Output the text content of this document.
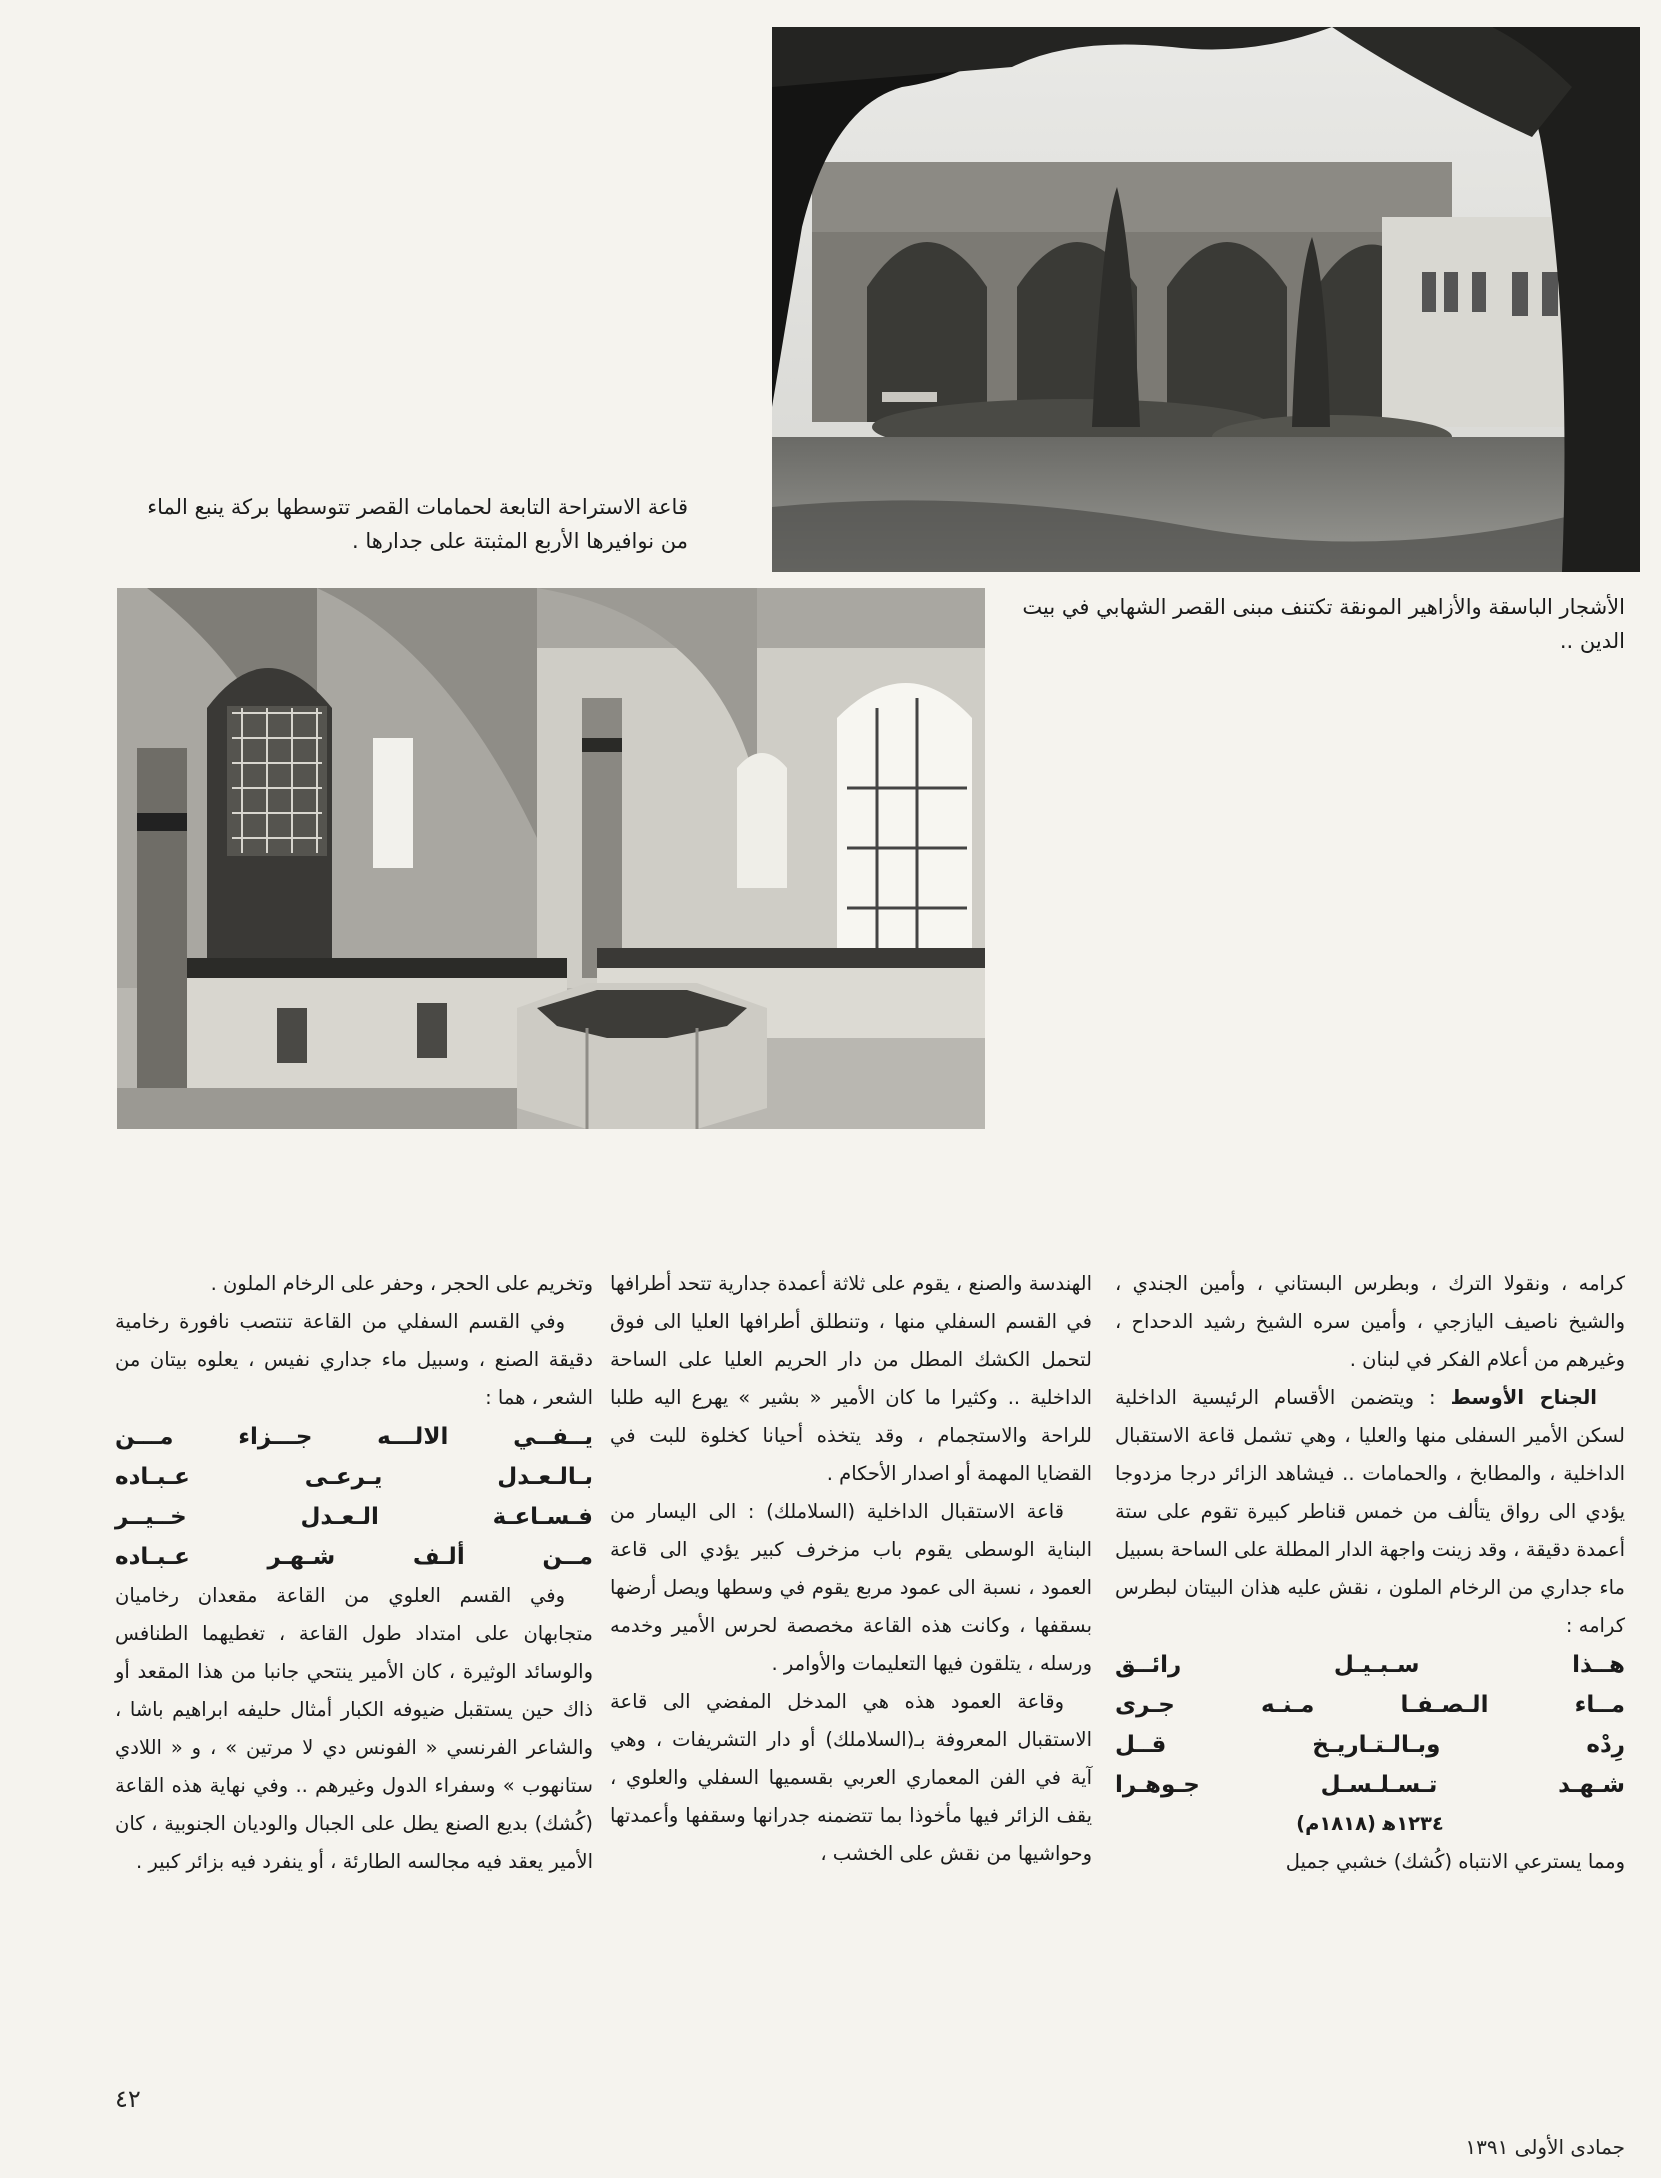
قاعة الاستراحة التابعة لحمامات القصر تتوسطها بركة ينبع الماء من نوافيرها الأربع المثبتة على جدارها .
الأشجار الباسقة والأزاهير المونقة تكتنف مبنى القصر الشهابي في بيت الدين ..

كرامه ، ونقولا الترك ، وبطرس البستاني ، وأمين الجندي ، والشيخ ناصيف اليازجي ، وأمين سره الشيخ رشيد الدحداح ، وغيرهم من أعلام الفكر في لبنان .

الجناح الأوسط : ويتضمن الأقسام الرئيسية الداخلية لسكن الأمير السفلى منها والعليا ، وهي تشمل قاعة الاستقبال الداخلية ، والمطابخ ، والحمامات .. فيشاهد الزائر درجا مزدوجا يؤدي الى رواق يتألف من خمس قناطر كبيرة تقوم على ستة أعمدة دقيقة ، وقد زينت واجهة الدار المطلة على الساحة بسبيل ماء جداري من الرخام الملون ، نقش عليه هذان البيتان لبطرس كرامه :

هــذا سـبـيـل رائــق
مــاء الـصـفـا مـنـه جـرى
رِدْه وبـالـتـاريـخ قــل
شـهـد تـسـلـسـل جـوهـرا
١٢٣٤ﻫ (١٨١٨م)

ومما يسترعي الانتباه (كُشك) خشبي جميل

الهندسة والصنع ، يقوم على ثلاثة أعمدة جدارية تتحد أطرافها في القسم السفلي منها ، وتنطلق أطرافها العليا الى فوق لتحمل الكشك المطل من دار الحريم العليا على الساحة الداخلية .. وكثيرا ما كان الأمير « بشير » يهرع اليه طلبا للراحة والاستجمام ، وقد يتخذه أحيانا كخلوة للبت في القضايا المهمة أو اصدار الأحكام .

قاعة الاستقبال الداخلية (السلاملك) : الى اليسار من البناية الوسطى يقوم باب مزخرف كبير يؤدي الى قاعة العمود ، نسبة الى عمود مربع يقوم في وسطها ويصل أرضها بسقفها ، وكانت هذه القاعة مخصصة لحرس الأمير وخدمه ورسله ، يتلقون فيها التعليمات والأوامر .

وقاعة العمود هذه هي المدخل المفضي الى قاعة الاستقبال المعروفة بـ(السلاملك) أو دار التشريفات ، وهي آية في الفن المعماري العربي بقسميها السفلي والعلوي ، يقف الزائر فيها مأخوذا بما تتضمنه جدرانها وسقفها وأعمدتها وحواشيها من نقش على الخشب ،

وتخريم على الحجر ، وحفر على الرخام الملون .

وفي القسم السفلي من القاعة تنتصب نافورة رخامية دقيقة الصنع ، وسبيل ماء جداري نفيس ، يعلوه بيتان من الشعر ، هما :

يــفــي الالـــه جـــزاء مـــن
بـالـعـدل يـرعـى عـبـاده
فـسـاعـة الـعـدل خــيــر
مــن ألـف شـهـر عـبـاده

وفي القسم العلوي من القاعة مقعدان رخاميان متجابهان على امتداد طول القاعة ، تغطيهما الطنافس والوسائد الوثيرة ، كان الأمير ينتحي جانبا من هذا المقعد أو ذاك حين يستقبل ضيوفه الكبار أمثال حليفه ابراهيم باشا ، والشاعر الفرنسي « الفونس دي لا مرتين » ، و « اللادي ستانهوب » وسفراء الدول وغيرهم .. وفي نهاية هذه القاعة (كُشك) بديع الصنع يطل على الجبال والوديان الجنوبية ، كان الأمير يعقد فيه مجالسه الطارئة ، أو ينفرد فيه بزائر كبير .

٤٢
جمادى الأولى ١٣٩١
